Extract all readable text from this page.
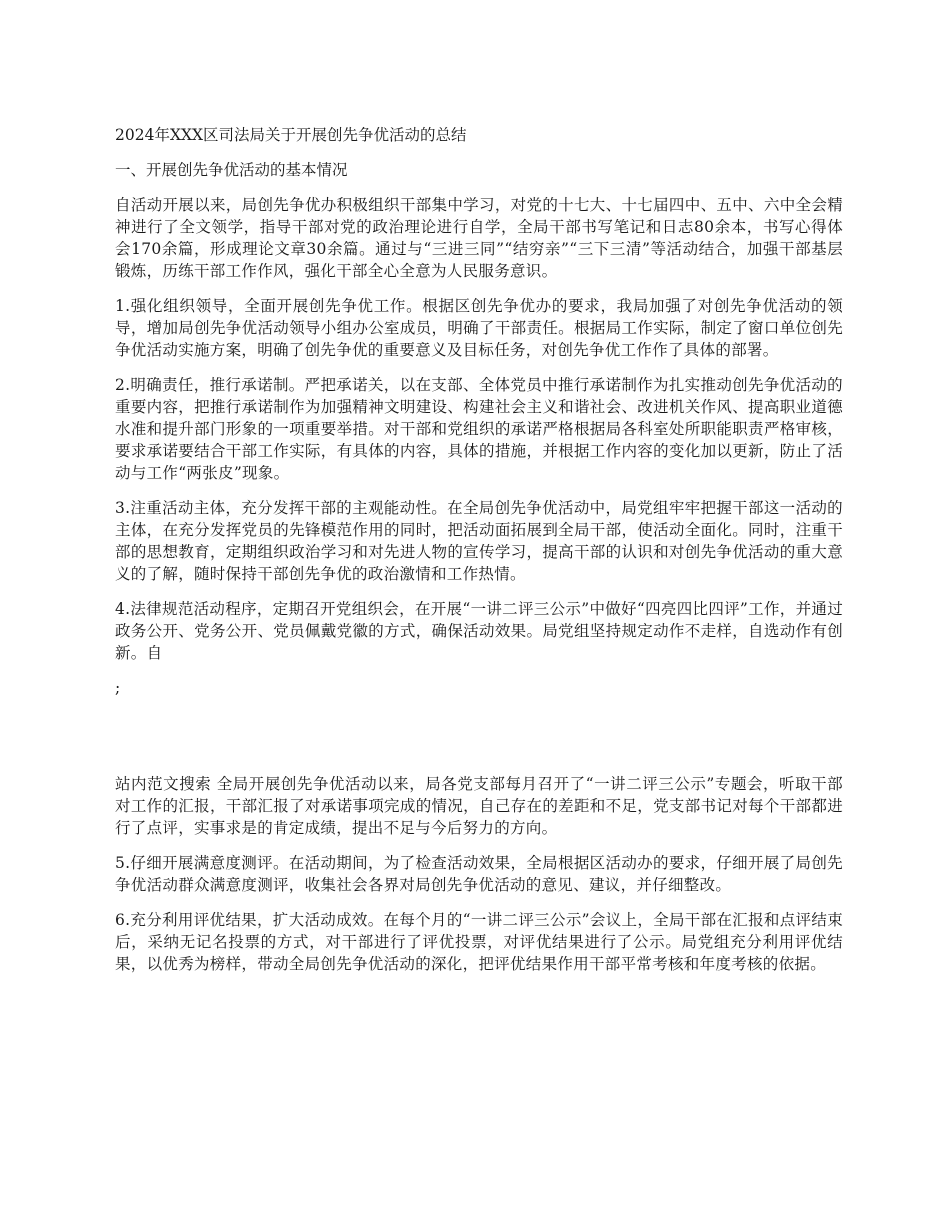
2024年XXX区司法局关于开展创先争优活动的总结

一、开展创先争优活动的基本情况

自活动开展以来，局创先争优办积极组织干部集中学习，对党的十七大、十七届四中、五中、六中全会精神进行了全文领学，指导干部对党的政治理论进行自学，全局干部书写笔记和日志80余本，书写心得体会170余篇，形成理论文章30余篇。通过与“三进三同”“结穷亲”“三下三清”等活动结合，加强干部基层锻炼，历练干部工作作风，强化干部全心全意为人民服务意识。

1.强化组织领导，全面开展创先争优工作。根据区创先争优办的要求，我局加强了对创先争优活动的领导，增加局创先争优活动领导小组办公室成员，明确了干部责任。根据局工作实际，制定了窗口单位创先争优活动实施方案，明确了创先争优的重要意义及目标任务，对创先争优工作作了具体的部署。

2.明确责任，推行承诺制。严把承诺关，以在支部、全体党员中推行承诺制作为扎实推动创先争优活动的重要内容，把推行承诺制作为加强精神文明建设、构建社会主义和谐社会、改进机关作风、提高职业道德水准和提升部门形象的一项重要举措。对干部和党组织的承诺严格根据局各科室处所职能职责严格审核，要求承诺要结合干部工作实际，有具体的内容，具体的措施，并根据工作内容的变化加以更新，防止了活动与工作“两张皮”现象。

3.注重活动主体，充分发挥干部的主观能动性。在全局创先争优活动中，局党组牢牢把握干部这一活动的主体，在充分发挥党员的先锋模范作用的同时，把活动面拓展到全局干部，使活动全面化。同时，注重干部的思想教育，定期组织政治学习和对先进人物的宣传学习，提高干部的认识和对创先争优活动的重大意义的了解，随时保持干部创先争优的政治激情和工作热情。

4.法律规范活动程序，定期召开党组织会，在开展“一讲二评三公示”中做好“四亮四比四评”工作，并通过政务公开、党务公开、党员佩戴党徽的方式，确保活动效果。局党组坚持规定动作不走样，自选动作有创新。自

;

站内范文搜索 全局开展创先争优活动以来，局各党支部每月召开了“一讲二评三公示”专题会，听取干部对工作的汇报，干部汇报了对承诺事项完成的情况，自己存在的差距和不足，党支部书记对每个干部都进行了点评，实事求是的肯定成绩，提出不足与今后努力的方向。

5.仔细开展满意度测评。在活动期间，为了检查活动效果，全局根据区活动办的要求，仔细开展了局创先争优活动群众满意度测评，收集社会各界对局创先争优活动的意见、建议，并仔细整改。

6.充分利用评优结果，扩大活动成效。在每个月的“一讲二评三公示”会议上，全局干部在汇报和点评结束后，采纳无记名投票的方式，对干部进行了评优投票，对评优结果进行了公示。局党组充分利用评优结果，以优秀为榜样，带动全局创先争优活动的深化，把评优结果作用干部平常考核和年度考核的依据。
